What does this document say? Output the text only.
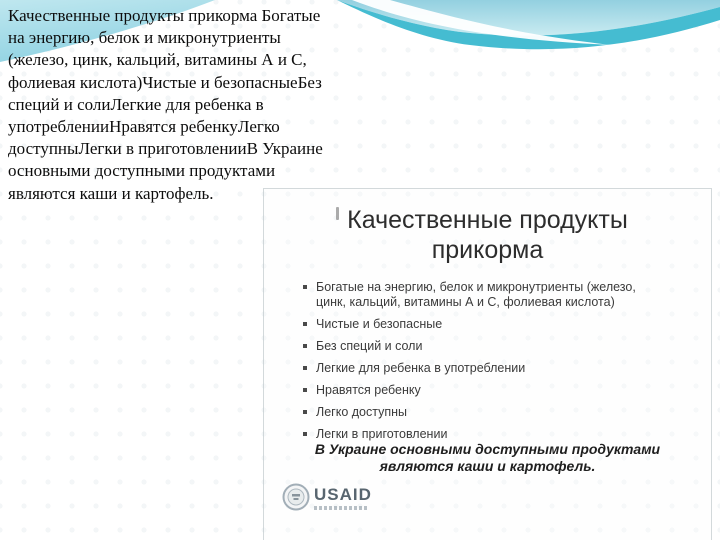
Качественные продукты прикорма Богатые
на энергию, белок и микронутриенты
(железо, цинк, кальций, витамины А и С,
фолиевая кислота)Чистые и безопасныеБез
специй и солиЛегкие для ребенка в
употребленииНравятся ребенкуЛегко
доступныЛегки в приготовленииВ Украине
основными доступными продуктами
являются каши и картофель.
Качественные продукты прикорма
Богатые на энергию, белок и микронутриенты (железо, цинк, кальций, витамины А и С, фолиевая кислота)
Чистые и безопасные
Без специй и соли
Легкие для ребенка в употреблении
Нравятся ребенку
Легко доступны
Легки в приготовлении
В Украине основными доступными продуктами являются каши и картофель.
USAID
